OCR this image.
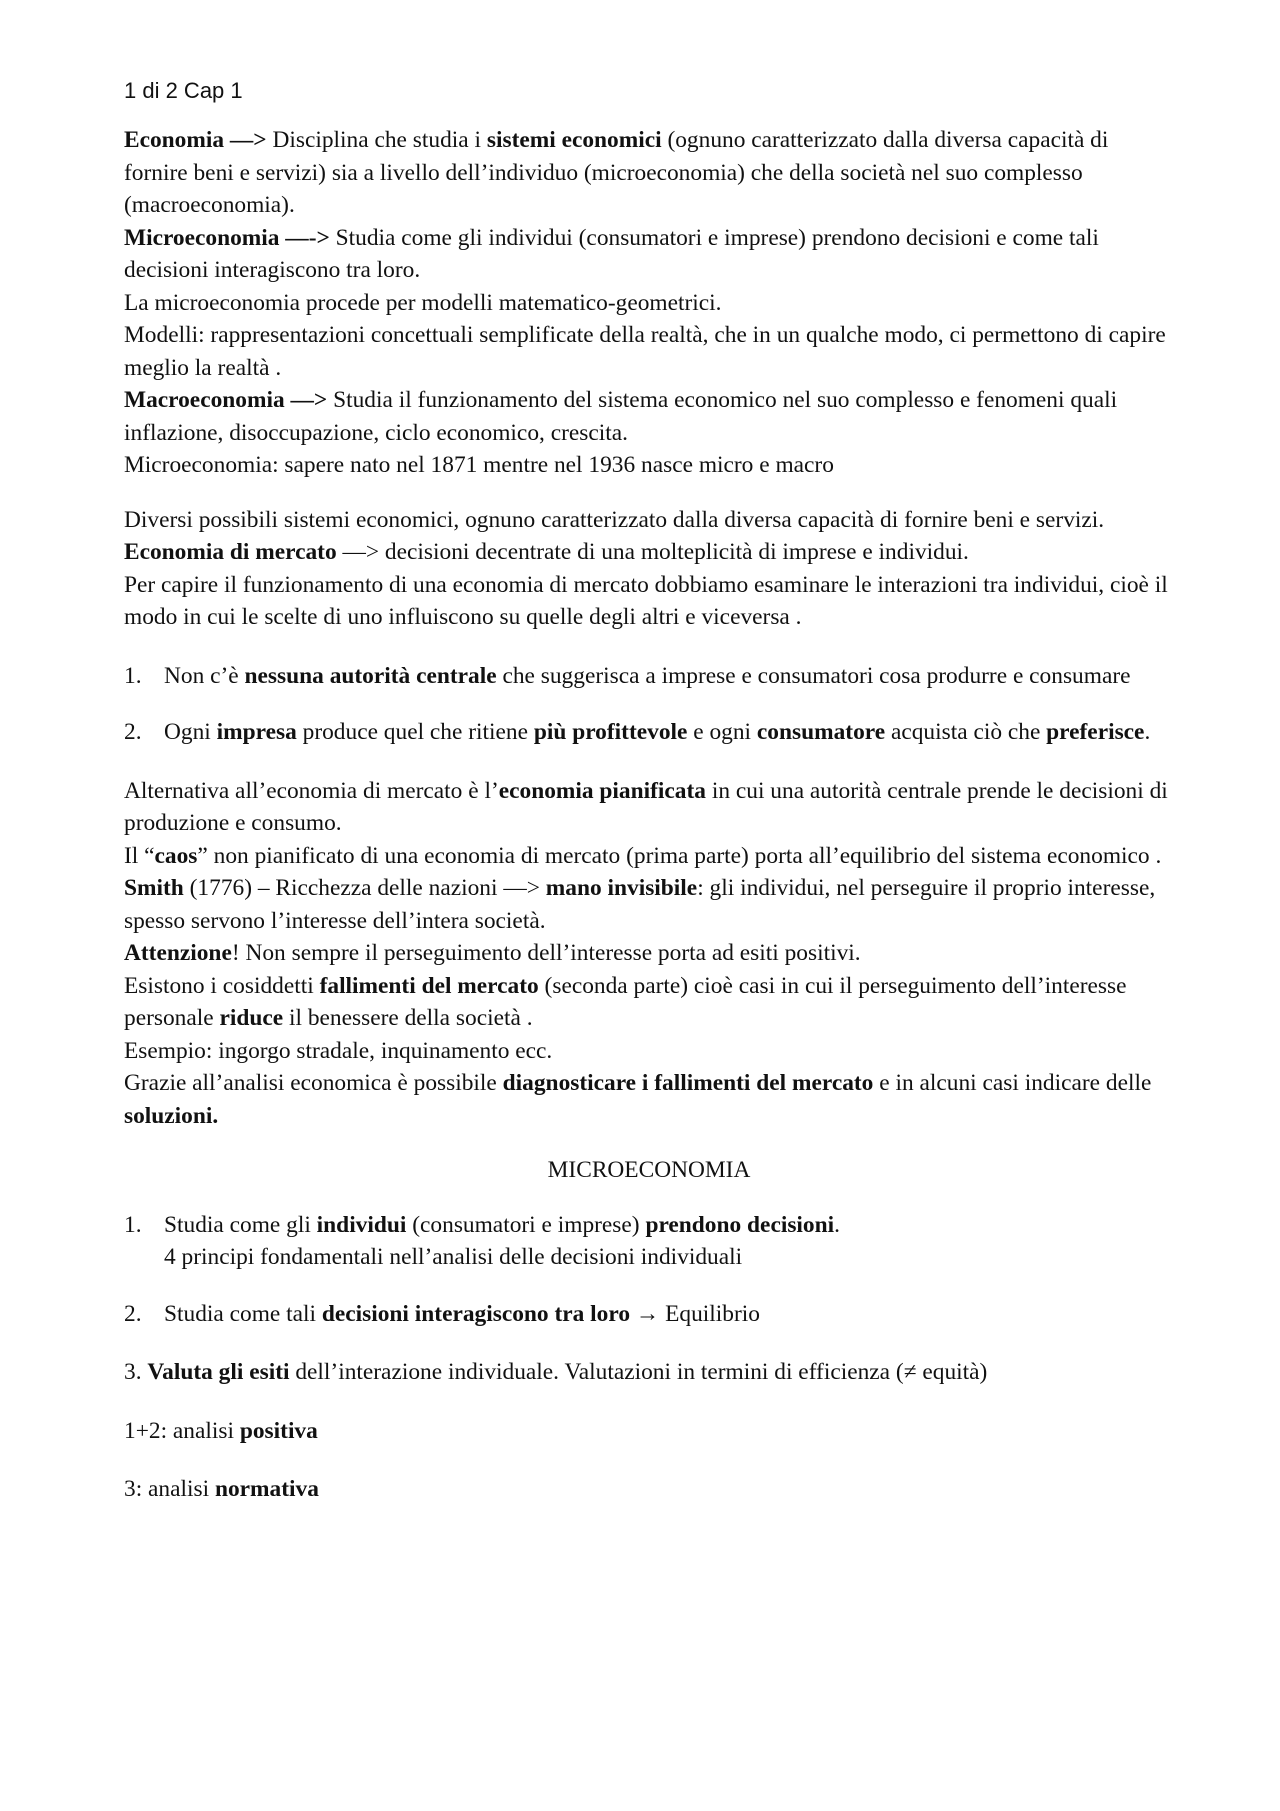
1 di 2 Cap 1

Economia —> Disciplina che studia i sistemi economici (ognuno caratterizzato dalla diversa capacità di fornire beni e servizi) sia a livello dell’individuo (microeconomia) che della società nel suo complesso (macroeconomia).

Microeconomia —-> Studia come gli individui (consumatori e imprese) prendono decisioni e come tali decisioni interagiscono tra loro.

La microeconomia procede per modelli matematico-geometrici.

Modelli: rappresentazioni concettuali semplificate della realtà, che in un qualche modo, ci permettono di capire meglio la realtà .

Macroeconomia —> Studia il funzionamento del sistema economico nel suo complesso e fenomeni quali inflazione, disoccupazione, ciclo economico, crescita.

Microeconomia: sapere nato nel 1871 mentre nel 1936 nasce micro e macro

Diversi possibili sistemi economici, ognuno caratterizzato dalla diversa capacità di fornire beni e servizi.

Economia di mercato —> decisioni decentrate di una molteplicità di imprese e individui.

Per capire il funzionamento di una economia di mercato dobbiamo esaminare le interazioni tra individui, cioè il modo in cui le scelte di uno influiscono su quelle degli altri e viceversa .

1. Non c’è nessuna autorità centrale che suggerisca a imprese e consumatori cosa produrre e consumare
2. Ogni impresa produce quel che ritiene più profittevole e ogni consumatore acquista ciò che preferisce.

Alternativa all’economia di mercato è l’economia pianificata in cui una autorità centrale prende le decisioni di produzione e consumo.

Il “caos” non pianificato di una economia di mercato (prima parte) porta all’equilibrio del sistema economico .

Smith (1776) – Ricchezza delle nazioni —> mano invisibile: gli individui, nel perseguire il proprio interesse, spesso servono l’interesse dell’intera società.

Attenzione! Non sempre il perseguimento dell’interesse porta ad esiti positivi.

Esistono i cosiddetti fallimenti del mercato (seconda parte) cioè casi in cui il perseguimento dell’interesse personale riduce il benessere della società .

Esempio: ingorgo stradale, inquinamento ecc.

Grazie all’analisi economica è possibile diagnosticare i fallimenti del mercato e in alcuni casi indicare delle soluzioni.

MICROECONOMIA

1. Studia come gli individui (consumatori e imprese) prendono decisioni.
4 principi fondamentali nell’analisi delle decisioni individuali
2. Studia come tali decisioni interagiscono tra loro → Equilibrio

3. Valuta gli esiti dell’interazione individuale. Valutazioni in termini di efficienza (≠ equità)

1+2: analisi positiva

3: analisi normativa
